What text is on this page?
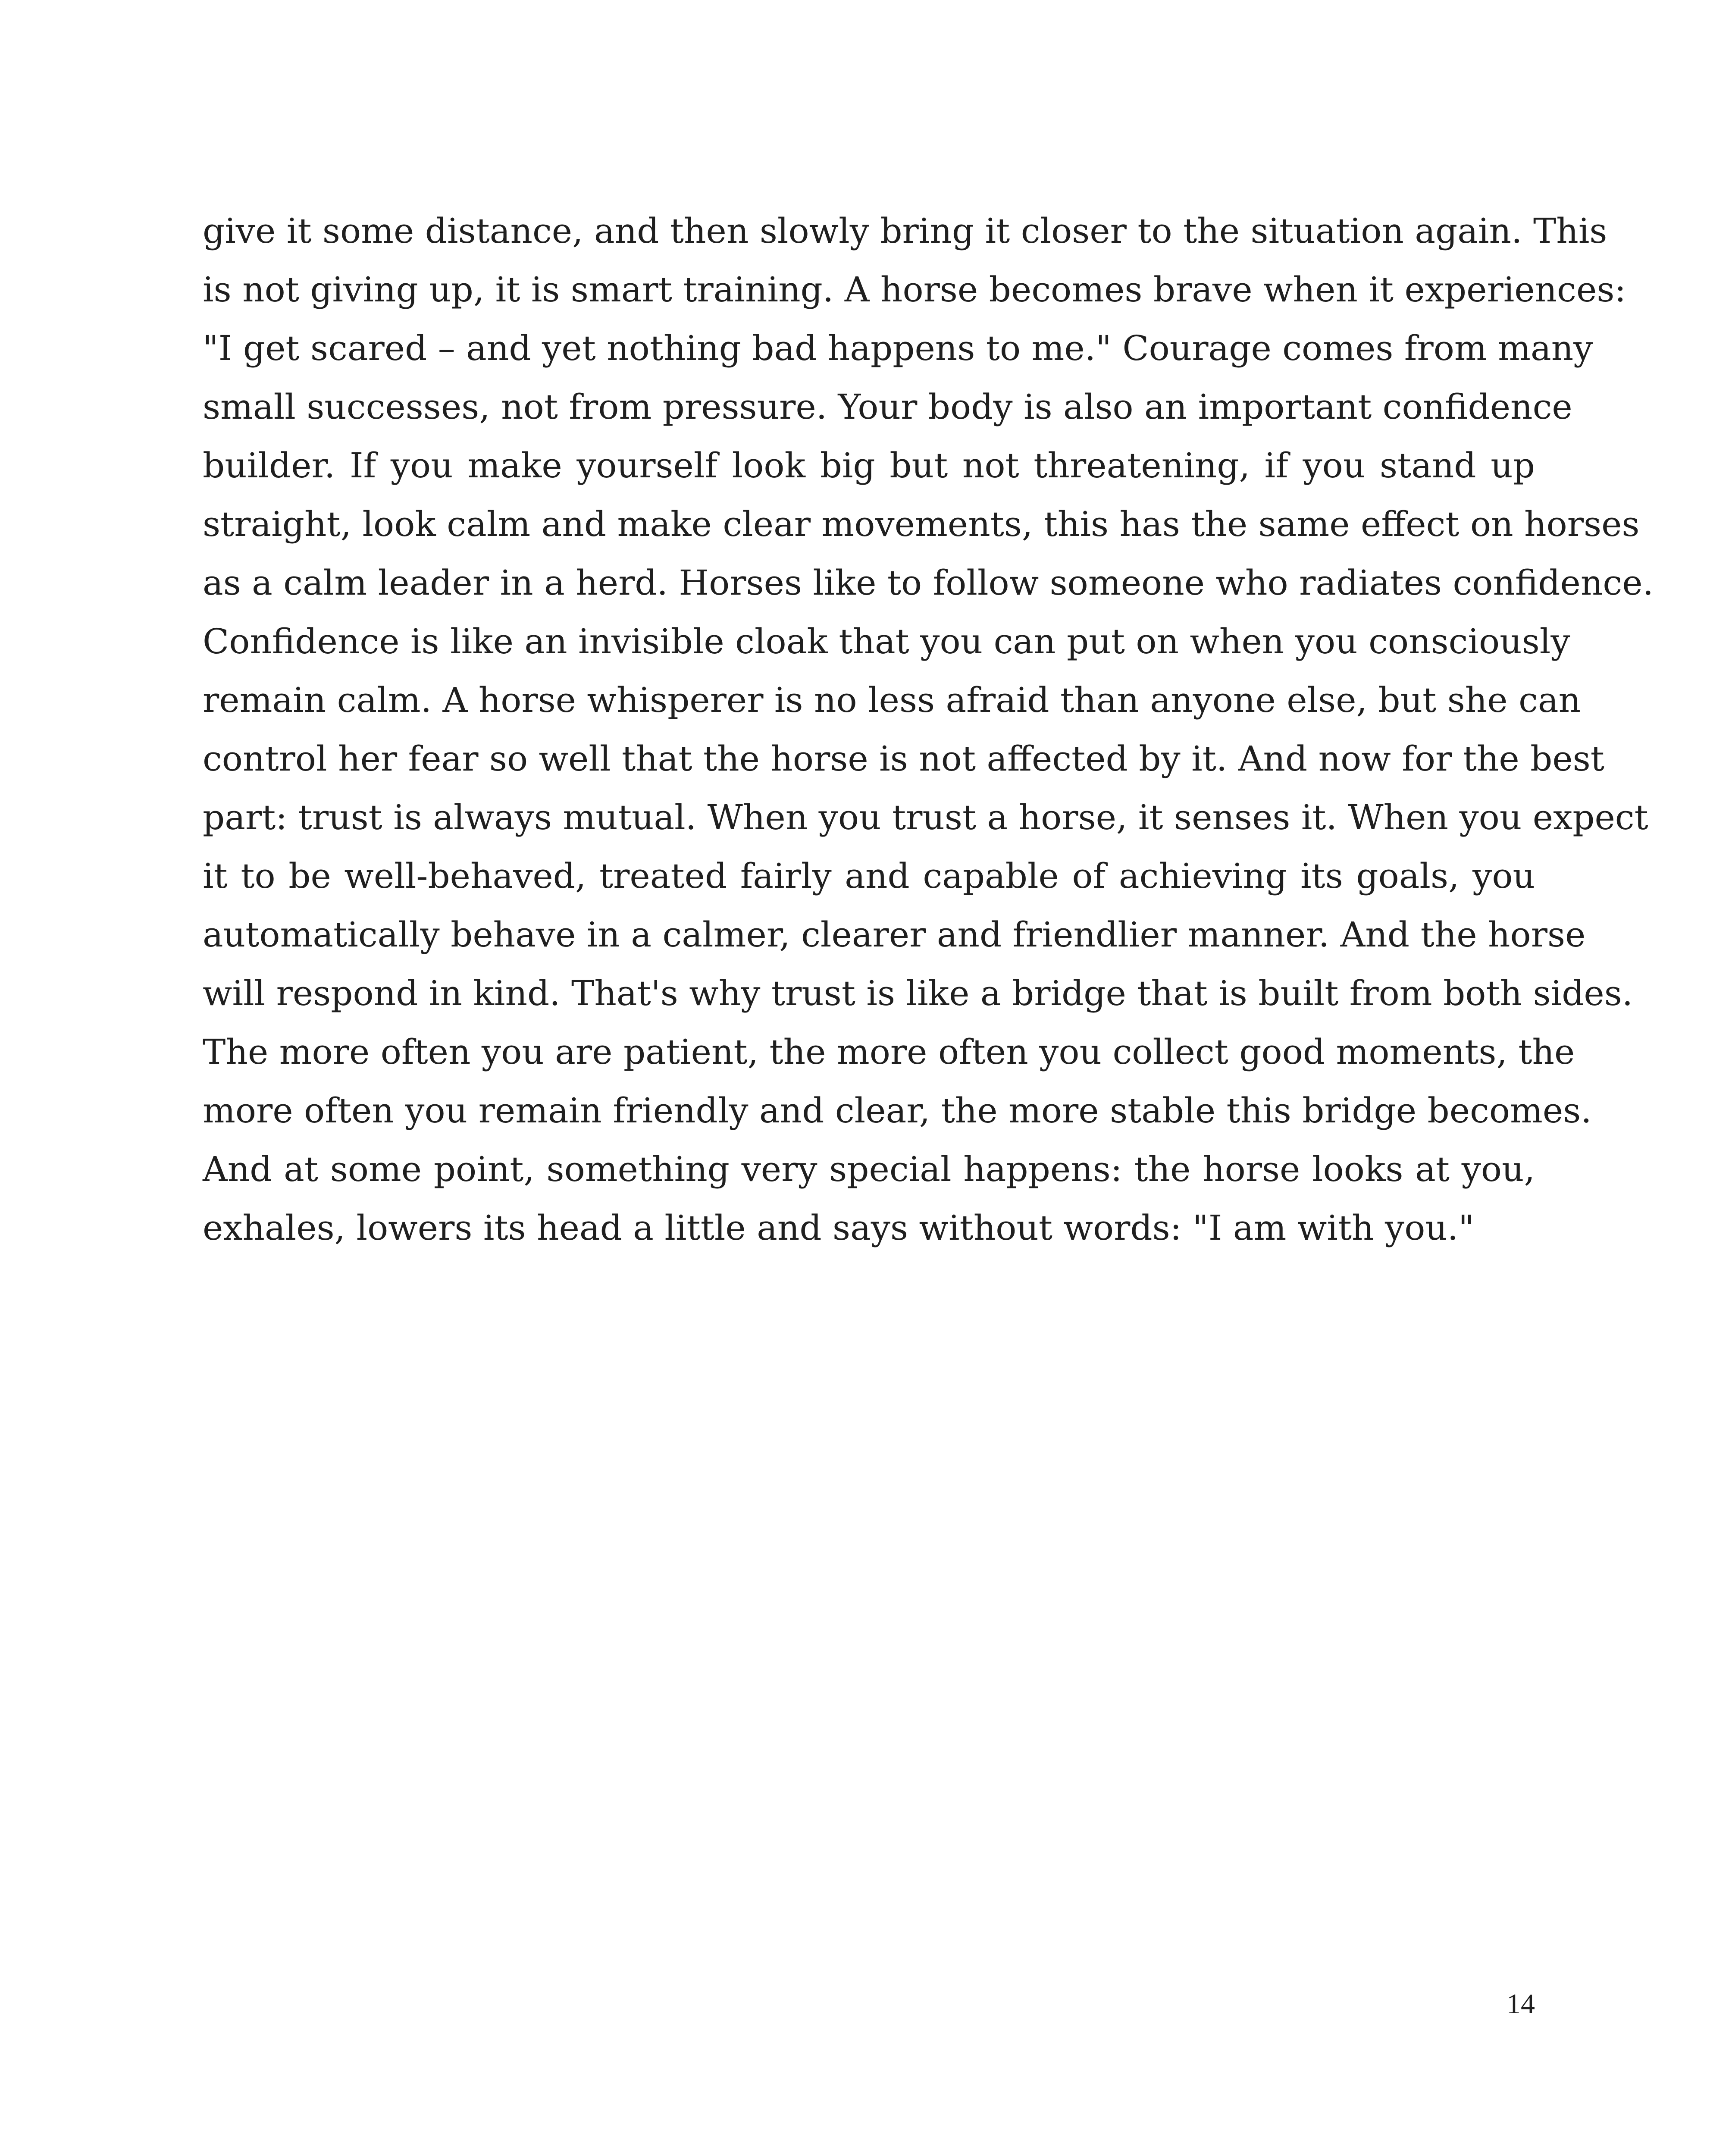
give it some distance, and then slowly bring it closer to the situation again. This
is not giving up, it is smart training. A horse becomes brave when it experiences:
"I get scared – and yet nothing bad happens to me." Courage comes from many
small successes, not from pressure. Your body is also an important confidence
builder. If you make yourself look big but not threatening, if you stand up
straight, look calm and make clear movements, this has the same effect on horses
as a calm leader in a herd. Horses like to follow someone who radiates confidence.
Confidence is like an invisible cloak that you can put on when you consciously
remain calm. A horse whisperer is no less afraid than anyone else, but she can
control her fear so well that the horse is not affected by it. And now for the best
part: trust is always mutual. When you trust a horse, it senses it. When you expect
it to be well-behaved, treated fairly and capable of achieving its goals, you
automatically behave in a calmer, clearer and friendlier manner. And the horse
will respond in kind. That's why trust is like a bridge that is built from both sides.
The more often you are patient, the more often you collect good moments, the
more often you remain friendly and clear, the more stable this bridge becomes.
And at some point, something very special happens: the horse looks at you,
exhales, lowers its head a little and says without words: "I am with you."
14
